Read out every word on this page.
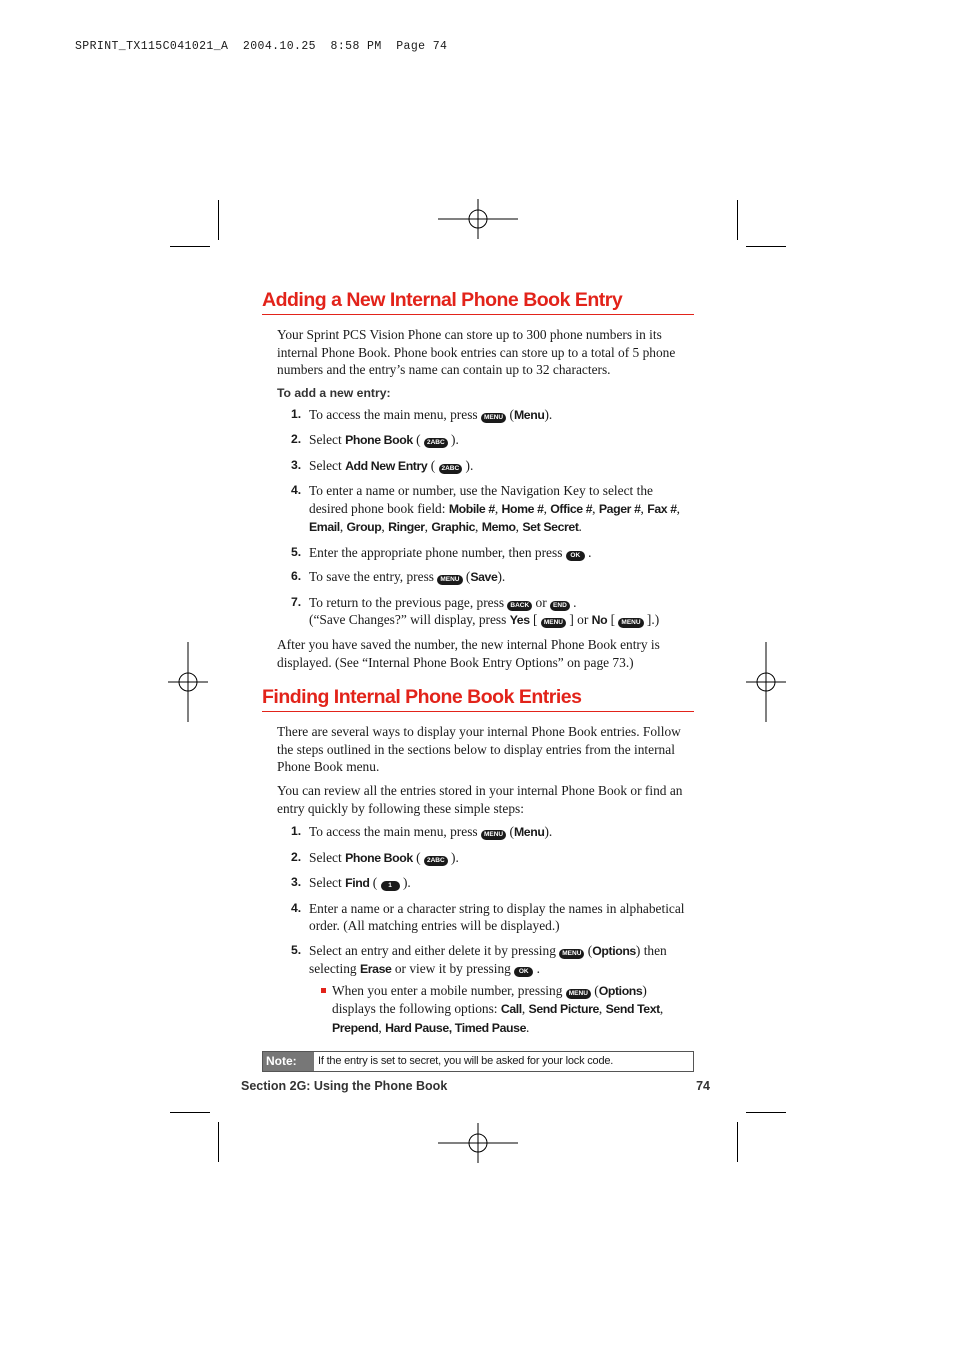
SPRINT_TX115C041021_A  2004.10.25  8:58 PM  Page 74
Adding a New Internal Phone Book Entry

Your Sprint PCS Vision Phone can store up to 300 phone numbers in its internal Phone Book. Phone book entries can store up to a total of 5 phone numbers and the entry’s name can contain up to 32 characters.

To add a new entry:
1. To access the main menu, press MENU (Menu).
2. Select Phone Book ( 2ABC ).
3. Select Add New Entry ( 2ABC ).
4. To enter a name or number, use the Navigation Key to select the desired phone book field: Mobile #, Home #, Office #, Pager #, Fax #, Email, Group, Ringer, Graphic, Memo, Set Secret.
5. Enter the appropriate phone number, then press OK .
6. To save the entry, press MENU (Save).
7. To return to the previous page, press BACK or END .
(“Save Changes?” will display, press Yes [ MENU ] or No [ MENU ].)

After you have saved the number, the new internal Phone Book entry is displayed. (See “Internal Phone Book Entry Options” on page 73.)

Finding Internal Phone Book Entries

There are several ways to display your internal Phone Book entries. Follow the steps outlined in the sections below to display entries from the internal Phone Book menu.

You can review all the entries stored in your internal Phone Book or find an entry quickly by following these simple steps:

1. To access the main menu, press MENU (Menu).
2. Select Phone Book ( 2ABC ).
3. Select Find ( 1 ).
4. Enter a name or a character string to display the names in alphabetical order. (All matching entries will be displayed.)
5. Select an entry and either delete it by pressing MENU (Options) then selecting Erase or view it by pressing OK .
When you enter a mobile number, pressing MENU (Options) displays the following options: Call, Send Picture, Send Text, Prepend, Hard Pause, Timed Pause.
Note:	If the entry is set to secret, you will be asked for your lock code.
Section 2G: Using the Phone Book	74
